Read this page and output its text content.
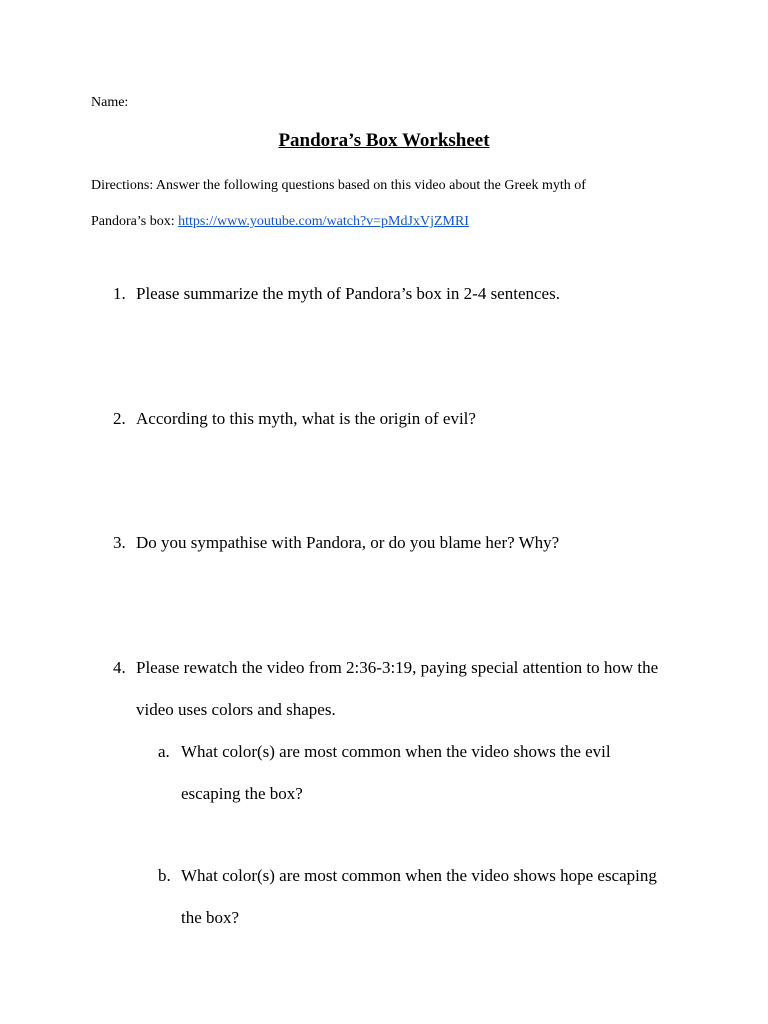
Name:
Pandora’s Box Worksheet
Directions: Answer the following questions based on this video about the Greek myth of
Pandora’s box: https://www.youtube.com/watch?v=pMdJxVjZMRI
1. Please summarize the myth of Pandora’s box in 2-4 sentences.
2. According to this myth, what is the origin of evil?
3. Do you sympathise with Pandora, or do you blame her? Why?
4. Please rewatch the video from 2:36-3:19, paying special attention to how the
video uses colors and shapes.
a. What color(s) are most common when the video shows the evil
escaping the box?
b. What color(s) are most common when the video shows hope escaping
the box?
